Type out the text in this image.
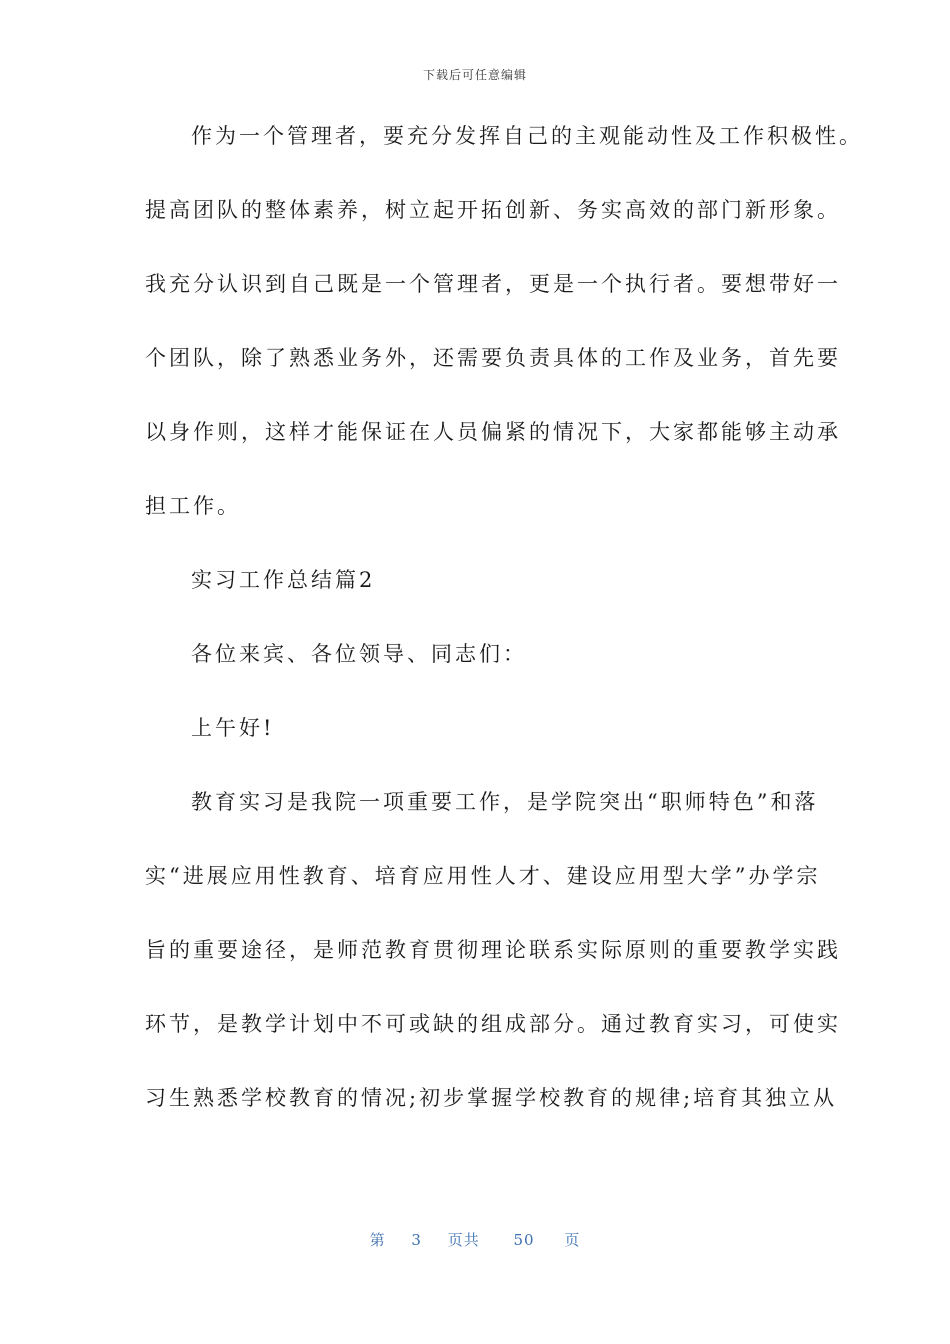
下载后可任意编辑
作为一个管理者，要充分发挥自己的主观能动性及工作积极性。
提高团队的整体素养，树立起开拓创新、务实高效的部门新形象。
我充分认识到自己既是一个管理者，更是一个执行者。要想带好一
个团队，除了熟悉业务外，还需要负责具体的工作及业务，首先要
以身作则，这样才能保证在人员偏紧的情况下，大家都能够主动承
担工作。
实习工作总结篇2
各位来宾、各位领导、同志们：
上午好!
教育实习是我院一项重要工作，是学院突出“职师特色”和落
实“进展应用性教育、培育应用性人才、建设应用型大学”办学宗
旨的重要途径，是师范教育贯彻理论联系实际原则的重要教学实践
环节，是教学计划中不可或缺的组成部分。通过教育实习，可使实
习生熟悉学校教育的情况;初步掌握学校教育的规律;培育其独立从
第 3 页共 50 页
